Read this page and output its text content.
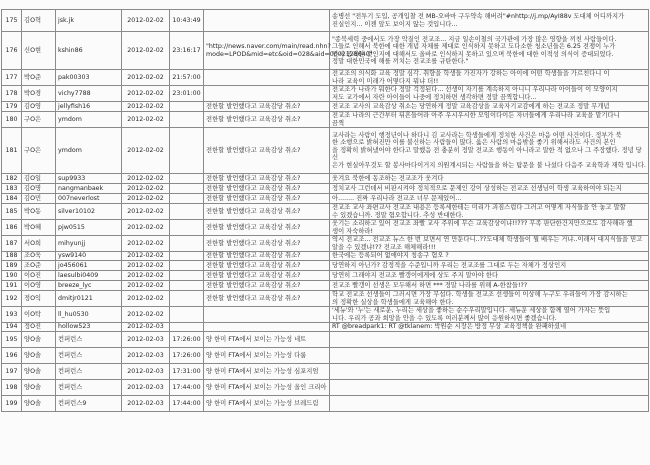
175	김O혁	jsk.jk	2012-02-02	10:43:49		송병선 "전투기 도입, 공개입찰 전 MB-오바마 구두약속 해버려"#nhttp://j.mp/AyI88v 도대체 어디까지가
진실인지... 이젠 앞도 보이지 않는 것입니다...

176	신O현	kshin86	2012-02-02	23:16:17	"http://news.naver.com/main/read.nhn?mode=LPOD&mid=etc&oid=028&aid=0002128640"	"종북세력 중에서도 가장 악질인 전교조... 지금 일손이철의 국가관에 가장 많은 영향을 끼친 사람들이다.
그들로 인해서 북한에 대한 개념 자체를 제대로 인식하지 못하고 도다소한 청소년들은 6.25 전쟁이 누가
먼저 공격한 것인지에 대해서도 올바로 인식하지 못하고 있으며 북한에 대한 이적성 의식이 증대되었다.
정말 대한민국에 해를 끼치는 전교조를 규탄한다."

177	박O준	pak00303	2012-02-02	21:57:00		전교조의 의식화 교육 정말 심각. 취향을 학생들 가진자가 강하는 아이에 어떤 학생들을 가르친다니 이
나라 교육이 미래가 어떻다지 뭐냐 더!!

178	박O경	vichy7788	2012-02-02	23:01:00		전교조가 나라가 뭐한다 정말 걱정된다... 선생이 자기를 계속하지 아니니 우리나라 아이들이 이 모양이지
저도 교가에서 자란 아이들이 나중에 정치하면 생각하면 정말 끔찍합니다...

179	김O영	jellyfish16	2012-02-02		전한할 발언했다고 교육감당 취소?	전교조 교사의 교육감상 취소는 당연하게 정말 교육감상을 교육자기교감에게 하는 전교조 정말 무개념

180	구O은	ymdom	2012-02-02		전한할 발언했다고 교육감상 취소?	전교조 나라의 근간부터 뒤흔들어라 아주 우시우시한 모임이다이든 자녀들에게 우리나라 교육을 맡기다니
끔찍

181	구O은	ymdom	2012-02-02		전한할 발언했다고 교육감상 취소?	교사라는 사람이 행정년이나 하다니 김 교사라는 학생들에게 정치한 사건은 마음 어떤 사건이다. 정부가 북
한 소행으로 밝혀진만 이를 불신하는 사람들이 많다. 옳은 사람의 마음밖을 좋기 위해서라도 사건의 본인
을 정확히 밝혀냈어야 한다고 말했음 전 충분히 정말 전교조 행동이 아니라고 말한 적 없으나 그 주장했다. 정녕 당신
은가 현실아무것도 할 봉사마다이거지 의원계시되는 사람들을 하는 탐문을 불 나섰다 다음주 교육학과 재학 입니다.

182	김O일	sup9933	2012-02-02		전한할 발언했다고 교육감상 취소?	웃겨요 북한에 동조하는 전교조가 웃겨다

183	김O명	nangmanbaek	2012-02-02		전한할 발언했다고 교육감상 취소?	정치교사 그런데서 비판시켜야 정치적으로 문제인 강이 상성하는 전교조 선생님이 학생 교육하여야 되는지

184	김O민	007neverlost	2012-02-02		전한할 발언했다고 교육감상 취소?	아........ 진짜 우리나라 전교조 너무 문제있어...

185	박O동	silver10102	2012-02-02		전한할 발언했다고 교육감상 취소?	전교조 교사 좌편교사 전교조 내용은 등록세한테는 미리가 괴짐스럽다 그러고 어떻게 자식들을 안 놓고 말할
수 있겠습니까. 정말 혐오합니다. 추성 반대한다.

186	박O혜	pjw0515	2012-02-02		전한할 발언했다고 교육감상 취소?	웃기는 소리하고 있어 전교조 좌빨 교사 주위에 무슨 교육감상이냐!!??? 무족 판단한건지만으로도 감사해라 했
생이 자숙하라!

187	서O희	mihyunjj	2012-02-02		전한할 발언했다고 교육감상 취소?	역시 전교조... 전교조 뉴스 한 번 보면서 연 만둔다니..??도대체 학생들이 뭘 배우는 거냐..이래서 대지식들을 믿고
알을 수 있겠냐!?? 전교조 해체해라!!!

188	조O욱	ysw9140	2012-02-02		전한할 발언했다고 교육감상 취소?	한국에는 등록되어 없애야지 칭송구 혐오 ?

189	조O준	jo456061	2012-02-02		전한할 발언했다고 교육감상 취소?	당연하지 아닌가? 감정적을 수준입니까 우리는 전교조를 그대로 두는 자체가 정상인지

190	이O진	laesulbi0409	2012-02-02		전한할 발언했다고 교육감상 취소?	당연히 그래야지 전교조 빨갱이에게에 상도 주지 말아야 한다

191	이O영	breeze_lyc	2012-02-02		전한할 발언했다고 교육감상 취소?	전교조 빨갱이 선생은 모두해서 하면 *** 정말 나라를 위해 A-한참들!??

192	정O익	dmitjr0121	2012-02-02		전한할 발언했다고 교육감상 취소?	학교 전교조 선생들이 그러시면 가장 무섭다. 학생들 전교조 선생들이 이상해 누구도 우리들이 가장 감시하는
의 정확한 실상을 학생들에게 교육해야 한다.

193	이O탁	ll_hu0530	2012-02-02			'세뉴'와 '누'는 새로운, 누리는 세상을 좋하는 순수우리말입니다. 세뉴운 세상을 함께 열어 가자는 뜻입
니다. 우리가 공과 희망을 안을 수 있도록 여러분께서 많이 응원하시면 좋겠습니다.

194	정O진	hollow523	2012-02-03			RT @breadpark1: RT @tklanem: 박원순 시장은 방정 무상 교육정책을 완패하셨네

195	양O솔	컨퍼런스	2012-02-03	17:26:00	양 한미 FTA에서 보이는 가능성 네트	

196	양O솔	컨퍼런스	2012-02-03	17:26:00	양 한미 FTA에서 보이는 가능성 다룸	

197	양O솔	컨퍼런스	2012-02-03	17:31:00	양 한미 FTA에서 보이는 가능성 심포지엄	

198	양O솔	컨퍼런스	2012-02-03	17:44:00	양 한미 FTA에서 보이는 가능성 올인 크리아	

199	양O솔	컨퍼런스9	2012-02-03	17:44:00	양 한미 FTA에서 보이는 가능성 브레드림	
